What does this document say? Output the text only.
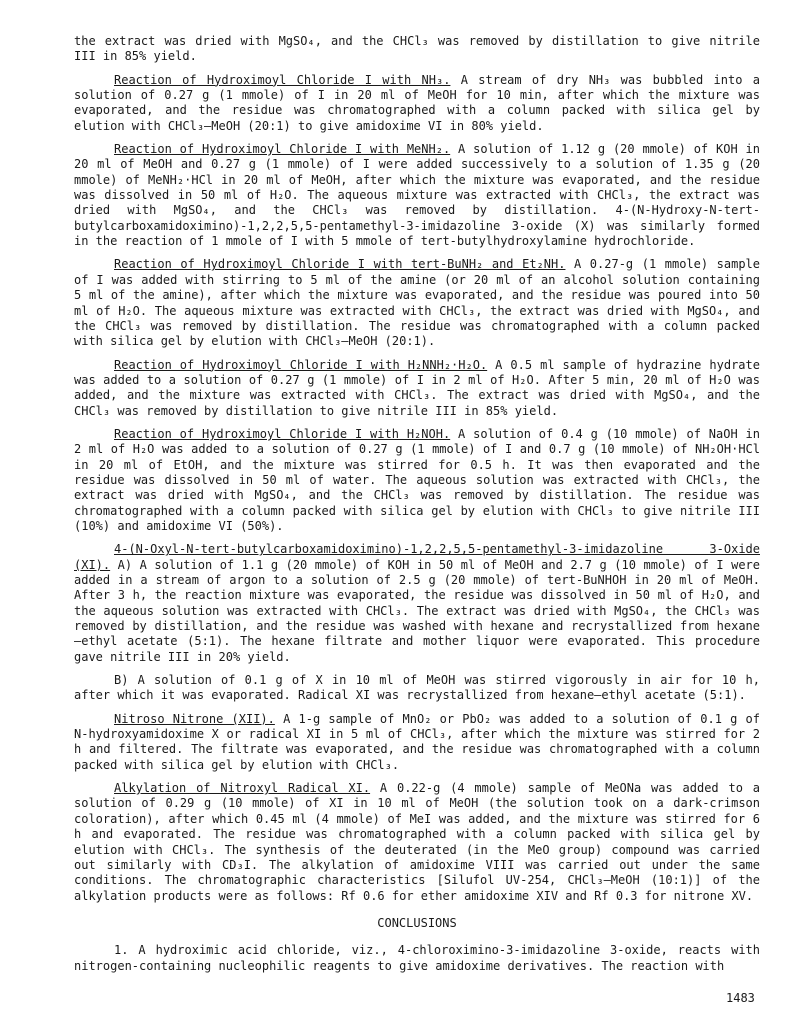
the extract was dried with MgSO₄, and the CHCl₃ was removed by distillation to give nitrile III in 85% yield.

Reaction of Hydroximoyl Chloride I with NH₃. A stream of dry NH₃ was bubbled into a solution of 0.27 g (1 mmole) of I in 20 ml of MeOH for 10 min, after which the mixture was evaporated, and the residue was chromatographed with a column packed with silica gel by elution with CHCl₃—MeOH (20:1) to give amidoxime VI in 80% yield.

Reaction of Hydroximoyl Chloride I with MeNH₂. A solution of 1.12 g (20 mmole) of KOH in 20 ml of MeOH and 0.27 g (1 mmole) of I were added successively to a solution of 1.35 g (20 mmole) of MeNH₂·HCl in 20 ml of MeOH, after which the mixture was evaporated, and the residue was dissolved in 50 ml of H₂O. The aqueous mixture was extracted with CHCl₃, the extract was dried with MgSO₄, and the CHCl₃ was removed by distillation. 4-(N-Hydroxy-N-tert-butylcarboxamidoximino)-1,2,2,5,5-pentamethyl-3-imidazoline 3-oxide (X) was similarly formed in the reaction of 1 mmole of I with 5 mmole of tert-butylhydroxylamine hydrochloride.

Reaction of Hydroximoyl Chloride I with tert-BuNH₂ and Et₂NH. A 0.27-g (1 mmole) sample of I was added with stirring to 5 ml of the amine (or 20 ml of an alcohol solution containing 5 ml of the amine), after which the mixture was evaporated, and the residue was poured into 50 ml of H₂O. The aqueous mixture was extracted with CHCl₃, the extract was dried with MgSO₄, and the CHCl₃ was removed by distillation. The residue was chromatographed with a column packed with silica gel by elution with CHCl₃—MeOH (20:1).

Reaction of Hydroximoyl Chloride I with H₂NNH₂·H₂O. A 0.5 ml sample of hydrazine hydrate was added to a solution of 0.27 g (1 mmole) of I in 2 ml of H₂O. After 5 min, 20 ml of H₂O was added, and the mixture was extracted with CHCl₃. The extract was dried with MgSO₄, and the CHCl₃ was removed by distillation to give nitrile III in 85% yield.

Reaction of Hydroximoyl Chloride I with H₂NOH. A solution of 0.4 g (10 mmole) of NaOH in 2 ml of H₂O was added to a solution of 0.27 g (1 mmole) of I and 0.7 g (10 mmole) of NH₂OH·HCl in 20 ml of EtOH, and the mixture was stirred for 0.5 h. It was then evaporated and the residue was dissolved in 50 ml of water. The aqueous solution was extracted with CHCl₃, the extract was dried with MgSO₄, and the CHCl₃ was removed by distillation. The residue was chromatographed with a column packed with silica gel by elution with CHCl₃ to give nitrile III (10%) and amidoxime VI (50%).

4-(N-Oxyl-N-tert-butylcarboxamidoximino)-1,2,2,5,5-pentamethyl-3-imidazoline 3-Oxide (XI). A) A solution of 1.1 g (20 mmole) of KOH in 50 ml of MeOH and 2.7 g (10 mmole) of I were added in a stream of argon to a solution of 2.5 g (20 mmole) of tert-BuNHOH in 20 ml of MeOH. After 3 h, the reaction mixture was evaporated, the residue was dissolved in 50 ml of H₂O, and the aqueous solution was extracted with CHCl₃. The extract was dried with MgSO₄, the CHCl₃ was removed by distillation, and the residue was washed with hexane and recrystallized from hexane—ethyl acetate (5:1). The hexane filtrate and mother liquor were evaporated. This procedure gave nitrile III in 20% yield.

B) A solution of 0.1 g of X in 10 ml of MeOH was stirred vigorously in air for 10 h, after which it was evaporated. Radical XI was recrystallized from hexane—ethyl acetate (5:1).

Nitroso Nitrone (XII). A 1-g sample of MnO₂ or PbO₂ was added to a solution of 0.1 g of N-hydroxyamidoxime X or radical XI in 5 ml of CHCl₃, after which the mixture was stirred for 2 h and filtered. The filtrate was evaporated, and the residue was chromatographed with a column packed with silica gel by elution with CHCl₃.

Alkylation of Nitroxyl Radical XI. A 0.22-g (4 mmole) sample of MeONa was added to a solution of 0.29 g (10 mmole) of XI in 10 ml of MeOH (the solution took on a dark-crimson coloration), after which 0.45 ml (4 mmole) of MeI was added, and the mixture was stirred for 6 h and evaporated. The residue was chromatographed with a column packed with silica gel by elution with CHCl₃. The synthesis of the deuterated (in the MeO group) compound was carried out similarly with CD₃I. The alkylation of amidoxime VIII was carried out under the same conditions. The chromatographic characteristics [Silufol UV-254, CHCl₃—MeOH (10:1)] of the alkylation products were as follows: Rf 0.6 for ether amidoxime XIV and Rf 0.3 for nitrone XV.

CONCLUSIONS

1. A hydroximic acid chloride, viz., 4-chloroximino-3-imidazoline 3-oxide, reacts with nitrogen-containing nucleophilic reagents to give amidoxime derivatives. The reaction with

1483
